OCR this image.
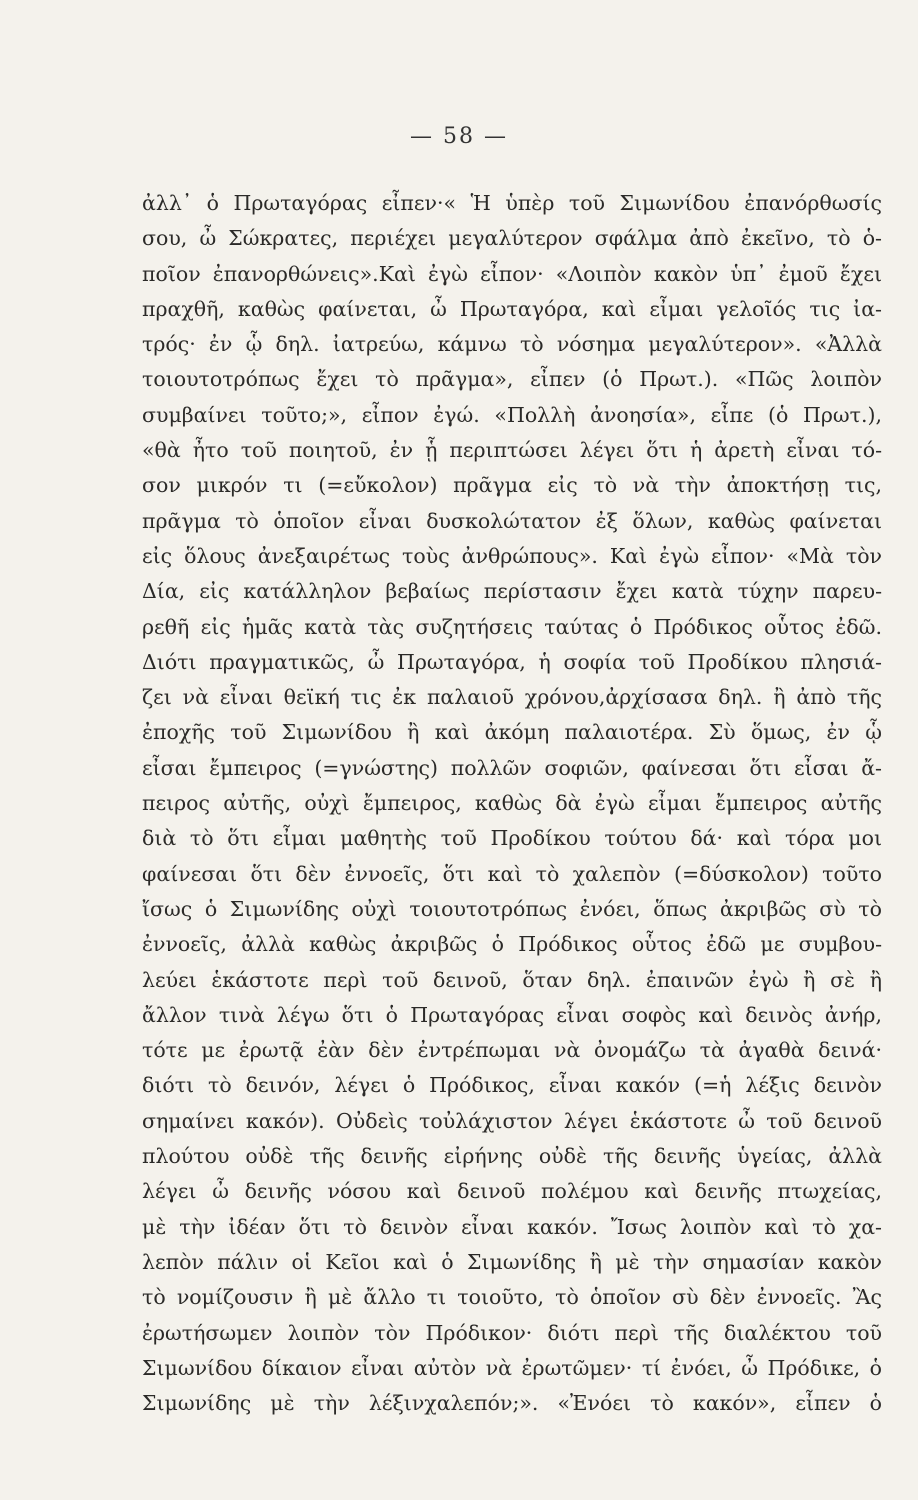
— 58 —
ἀλλ᾿ ὁ Πρωταγόρας εἶπεν·« Ἡ ὑπὲρ τοῦ Σιμωνίδου ἐπανόρθωσίς
σου, ὦ Σώκρατες, περιέχει μεγαλύτερον σφάλμα ἀπὸ ἐκεῖνο, τὸ ὁ-
ποῖον ἐπανορθώνεις».Καὶ ἐγὼ εἶπον· «Λοιπὸν κακὸν ὑπ᾿ ἐμοῦ ἔχει
πραχθῆ, καθὼς φαίνεται, ὦ Πρωταγόρα, καὶ εἶμαι γελοῖός τις ἰα-
τρός· ἐν ᾧ δηλ. ἰατρεύω, κάμνω τὸ νόσημα μεγαλύτερον». «Ἀλλὰ
τοιουτοτρόπως ἔχει τὸ πρᾶγμα», εἶπεν (ὁ Πρωτ.). «Πῶς λοιπὸν
συμβαίνει τοῦτο;», εἶπον ἐγώ. «Πολλὴ ἀνοησία», εἶπε (ὁ Πρωτ.),
«θὰ ἦτο τοῦ ποιητοῦ, ἐν ᾗ περιπτώσει λέγει ὅτι ἡ ἀρετὴ εἶναι τό-
σον μικρόν τι (=εὔκολον) πρᾶγμα εἰς τὸ νὰ τὴν ἀποκτήσῃ τις,
πρᾶγμα τὸ ὁποῖον εἶναι δυσκολώτατον ἐξ ὅλων, καθὼς φαίνεται
εἰς ὅλους ἀνεξαιρέτως τοὺς ἀνθρώπους». Καὶ ἐγὼ εἶπον· «Μὰ τὸν
Δία, εἰς κατάλληλον βεβαίως περίστασιν ἔχει κατὰ τύχην παρευ-
ρεθῆ εἰς ἡμᾶς κατὰ τὰς συζητήσεις ταύτας ὁ Πρόδικος οὗτος ἐδῶ.
Διότι πραγματικῶς, ὦ Πρωταγόρα, ἡ σοφία τοῦ Προδίκου πλησιά-
ζει νὰ εἶναι θεϊκή τις ἐκ παλαιοῦ χρόνου,ἀρχίσασα δηλ. ἢ ἀπὸ τῆς
ἐποχῆς τοῦ Σιμωνίδου ἢ καὶ ἀκόμη παλαιοτέρα. Σὺ ὅμως, ἐν ᾧ
εἶσαι ἔμπειρος (=γνώστης) πολλῶν σοφιῶν, φαίνεσαι ὅτι εἶσαι ἄ-
πειρος αὐτῆς, οὐχὶ ἔμπειρος, καθὼς δὰ ἐγὼ εἶμαι ἔμπειρος αὐτῆς
διὰ τὸ ὅτι εἶμαι μαθητὴς τοῦ Προδίκου τούτου δά· καὶ τόρα μοι
φαίνεσαι ὅτι δὲν ἐννοεῖς, ὅτι καὶ τὸ χαλεπὸν (=δύσκολον) τοῦτο
ἴσως ὁ Σιμωνίδης οὐχὶ τοιουτοτρόπως ἐνόει, ὅπως ἀκριβῶς σὺ τὸ
ἐννοεῖς, ἀλλὰ καθὼς ἀκριβῶς ὁ Πρόδικος οὗτος ἐδῶ με συμβου-
λεύει ἑκάστοτε περὶ τοῦ δεινοῦ, ὅταν δηλ. ἐπαινῶν ἐγὼ ἢ σὲ ἢ
ἄλλον τινὰ λέγω ὅτι ὁ Πρωταγόρας εἶναι σοφὸς καὶ δεινὸς ἀνήρ,
τότε με ἐρωτᾷ ἐὰν δὲν ἐντρέπωμαι νὰ ὀνομάζω τὰ ἀγαθὰ δεινά·
διότι τὸ δεινόν, λέγει ὁ Πρόδικος, εἶναι κακόν (=ἡ λέξις δεινὸν
σημαίνει κακόν). Οὐδεὶς τοὐλάχιστον λέγει ἑκάστοτε ὦ τοῦ δεινοῦ
πλούτου οὐδὲ τῆς δεινῆς εἰρήνης οὐδὲ τῆς δεινῆς ὑγείας, ἀλλὰ
λέγει ὦ δεινῆς νόσου καὶ δεινοῦ πολέμου καὶ δεινῆς πτωχείας,
μὲ τὴν ἰδέαν ὅτι τὸ δεινὸν εἶναι κακόν. Ἴσως λοιπὸν καὶ τὸ χα-
λεπὸν πάλιν οἱ Κεῖοι καὶ ὁ Σιμωνίδης ἢ μὲ τὴν σημασίαν κακὸν
τὸ νομίζουσιν ἢ μὲ ἄλλο τι τοιοῦτο, τὸ ὁποῖον σὺ δὲν ἐννοεῖς. Ἂς
ἐρωτήσωμεν λοιπὸν τὸν Πρόδικον· διότι περὶ τῆς διαλέκτου τοῦ
Σιμωνίδου δίκαιον εἶναι αὐτὸν νὰ ἐρωτῶμεν· τί ἐνόει, ὦ Πρόδικε, ὁ
Σιμωνίδης μὲ τὴν λέξινχαλεπόν;». «Ἐνόει τὸ κακόν», εἶπεν ὁ
